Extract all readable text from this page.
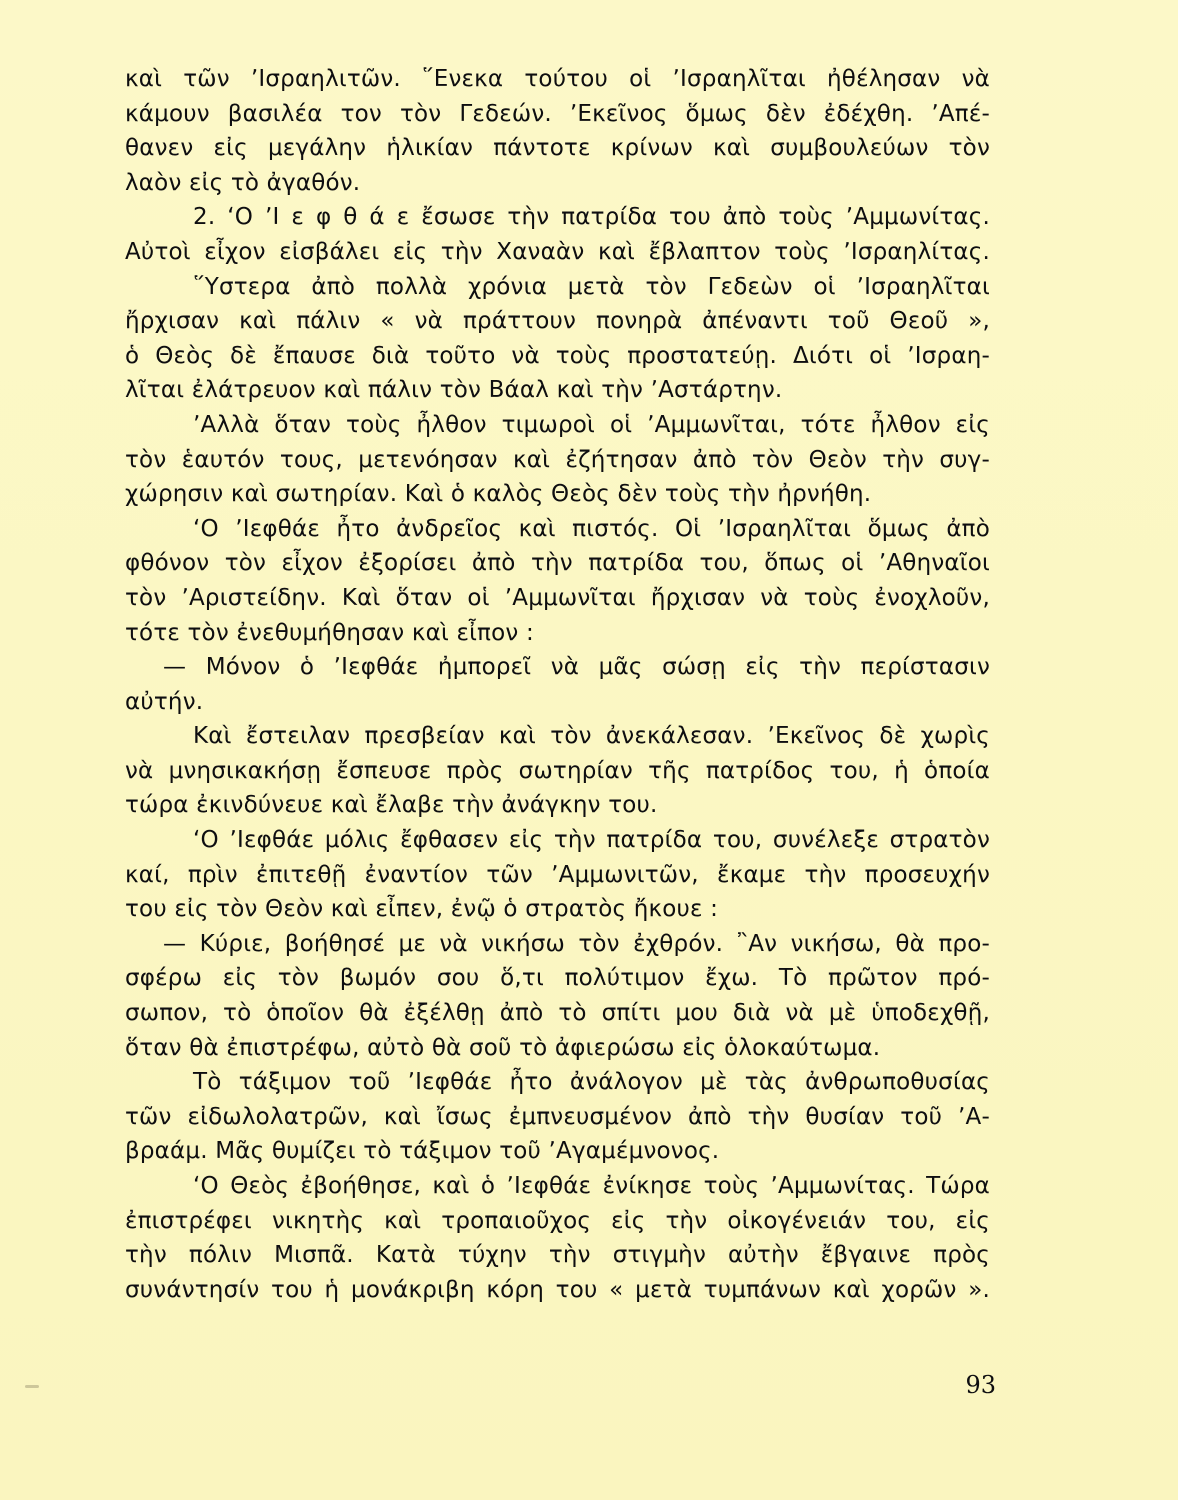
καὶ τῶν ʼΙσραηλιτῶν. ῞Ενεκα τούτου οἱ ʼΙσραηλῖται ἠθέλησαν νὰ
κάμουν βασιλέα τον τὸν Γεδεών. ʼΕκεῖνος ὅμως δὲν ἐδέχθη. ʼΑπέ-
θανεν εἰς μεγάλην ἡλικίαν πάντοτε κρίνων καὶ συμβουλεύων τὸν
λαὸν εἰς τὸ ἀγαθόν.
2. ʻΟ ʼΙ ε φ θ ά ε ἔσωσε τὴν πατρίδα του ἀπὸ τοὺς ʼΑμμωνίτας.
Αὐτοὶ εἶχον εἰσβάλει εἰς τὴν Χαναὰν καὶ ἔβλαπτον τοὺς ʼΙσραηλίτας.
῞Υστερα ἀπὸ πολλὰ χρόνια μετὰ τὸν Γεδεὼν οἱ ʼΙσραηλῖται
ἤρχισαν καὶ πάλιν « νὰ πράττουν πονηρὰ ἀπέναντι τοῦ Θεοῦ »,
ὁ Θεὸς δὲ ἔπαυσε διὰ τοῦτο νὰ τοὺς προστατεύῃ. Διότι οἱ ʼΙσραη-
λῖται ἐλάτρευον καὶ πάλιν τὸν Βάαλ καὶ τὴν ʼΑστάρτην.
ʼΑλλὰ ὅταν τοὺς ἦλθον τιμωροὶ οἱ ʼΑμμωνῖται, τότε ἦλθον εἰς
τὸν ἑαυτόν τους, μετενόησαν καὶ ἐζήτησαν ἀπὸ τὸν Θεὸν τὴν συγ-
χώρησιν καὶ σωτηρίαν. Καὶ ὁ καλὸς Θεὸς δὲν τοὺς τὴν ἠρνήθη.
ʻΟ ʼΙεφθάε ἦτο ἀνδρεῖος καὶ πιστός. Οἱ ʼΙσραηλῖται ὅμως ἀπὸ
φθόνον τὸν εἶχον ἐξορίσει ἀπὸ τὴν πατρίδα του, ὅπως οἱ ʼΑθηναῖοι
τὸν ʼΑριστείδην. Καὶ ὅταν οἱ ʼΑμμωνῖται ἤρχισαν νὰ τοὺς ἐνοχλοῦν,
τότε τὸν ἐνεθυμήθησαν καὶ εἶπον :
— Μόνον ὁ ʼΙεφθάε ἠμπορεῖ νὰ μᾶς σώσῃ εἰς τὴν περίστασιν
αὐτήν.
Καὶ ἔστειλαν πρεσβείαν καὶ τὸν ἀνεκάλεσαν. ʼΕκεῖνος δὲ χωρὶς
νὰ μνησικακήσῃ ἔσπευσε πρὸς σωτηρίαν τῆς πατρίδος του, ἡ ὁποία
τώρα ἐκινδύνευε καὶ ἔλαβε τὴν ἀνάγκην του.
ʻΟ ʼΙεφθάε μόλις ἔφθασεν εἰς τὴν πατρίδα του, συνέλεξε στρατὸν
καί, πρὶν ἐπιτεθῇ ἐναντίον τῶν ʼΑμμωνιτῶν, ἔκαμε τὴν προσευχήν
του εἰς τὸν Θεὸν καὶ εἶπεν, ἐνῷ ὁ στρατὸς ἤκουε :
— Κύριε, βοήθησέ με νὰ νικήσω τὸν ἐχθρόν. ῍Αν νικήσω, θὰ προ-
σφέρω εἰς τὸν βωμόν σου ὅ,τι πολύτιμον ἔχω. Τὸ πρῶτον πρό-
σωπον, τὸ ὁποῖον θὰ ἐξέλθῃ ἀπὸ τὸ σπίτι μου διὰ νὰ μὲ ὑποδεχθῇ,
ὅταν θὰ ἐπιστρέφω, αὐτὸ θὰ σοῦ τὸ ἀφιερώσω εἰς ὁλοκαύτωμα.
Τὸ τάξιμον τοῦ ʼΙεφθάε ἦτο ἀνάλογον μὲ τὰς ἀνθρωποθυσίας
τῶν εἰδωλολατρῶν, καὶ ἴσως ἐμπνευσμένον ἀπὸ τὴν θυσίαν τοῦ ʼΑ-
βραάμ. Μᾶς θυμίζει τὸ τάξιμον τοῦ ʼΑγαμέμνονος.
ʻΟ Θεὸς ἐβοήθησε, καὶ ὁ ʼΙεφθάε ἐνίκησε τοὺς ʼΑμμωνίτας. Τώρα
ἐπιστρέφει νικητὴς καὶ τροπαιοῦχος εἰς τὴν οἰκογένειάν του, εἰς
τὴν πόλιν Μισπᾶ. Κατὰ τύχην τὴν στιγμὴν αὐτὴν ἔβγαινε πρὸς
συνάντησίν του ἡ μονάκριβη κόρη του « μετὰ τυμπάνων καὶ χορῶν ».
93
